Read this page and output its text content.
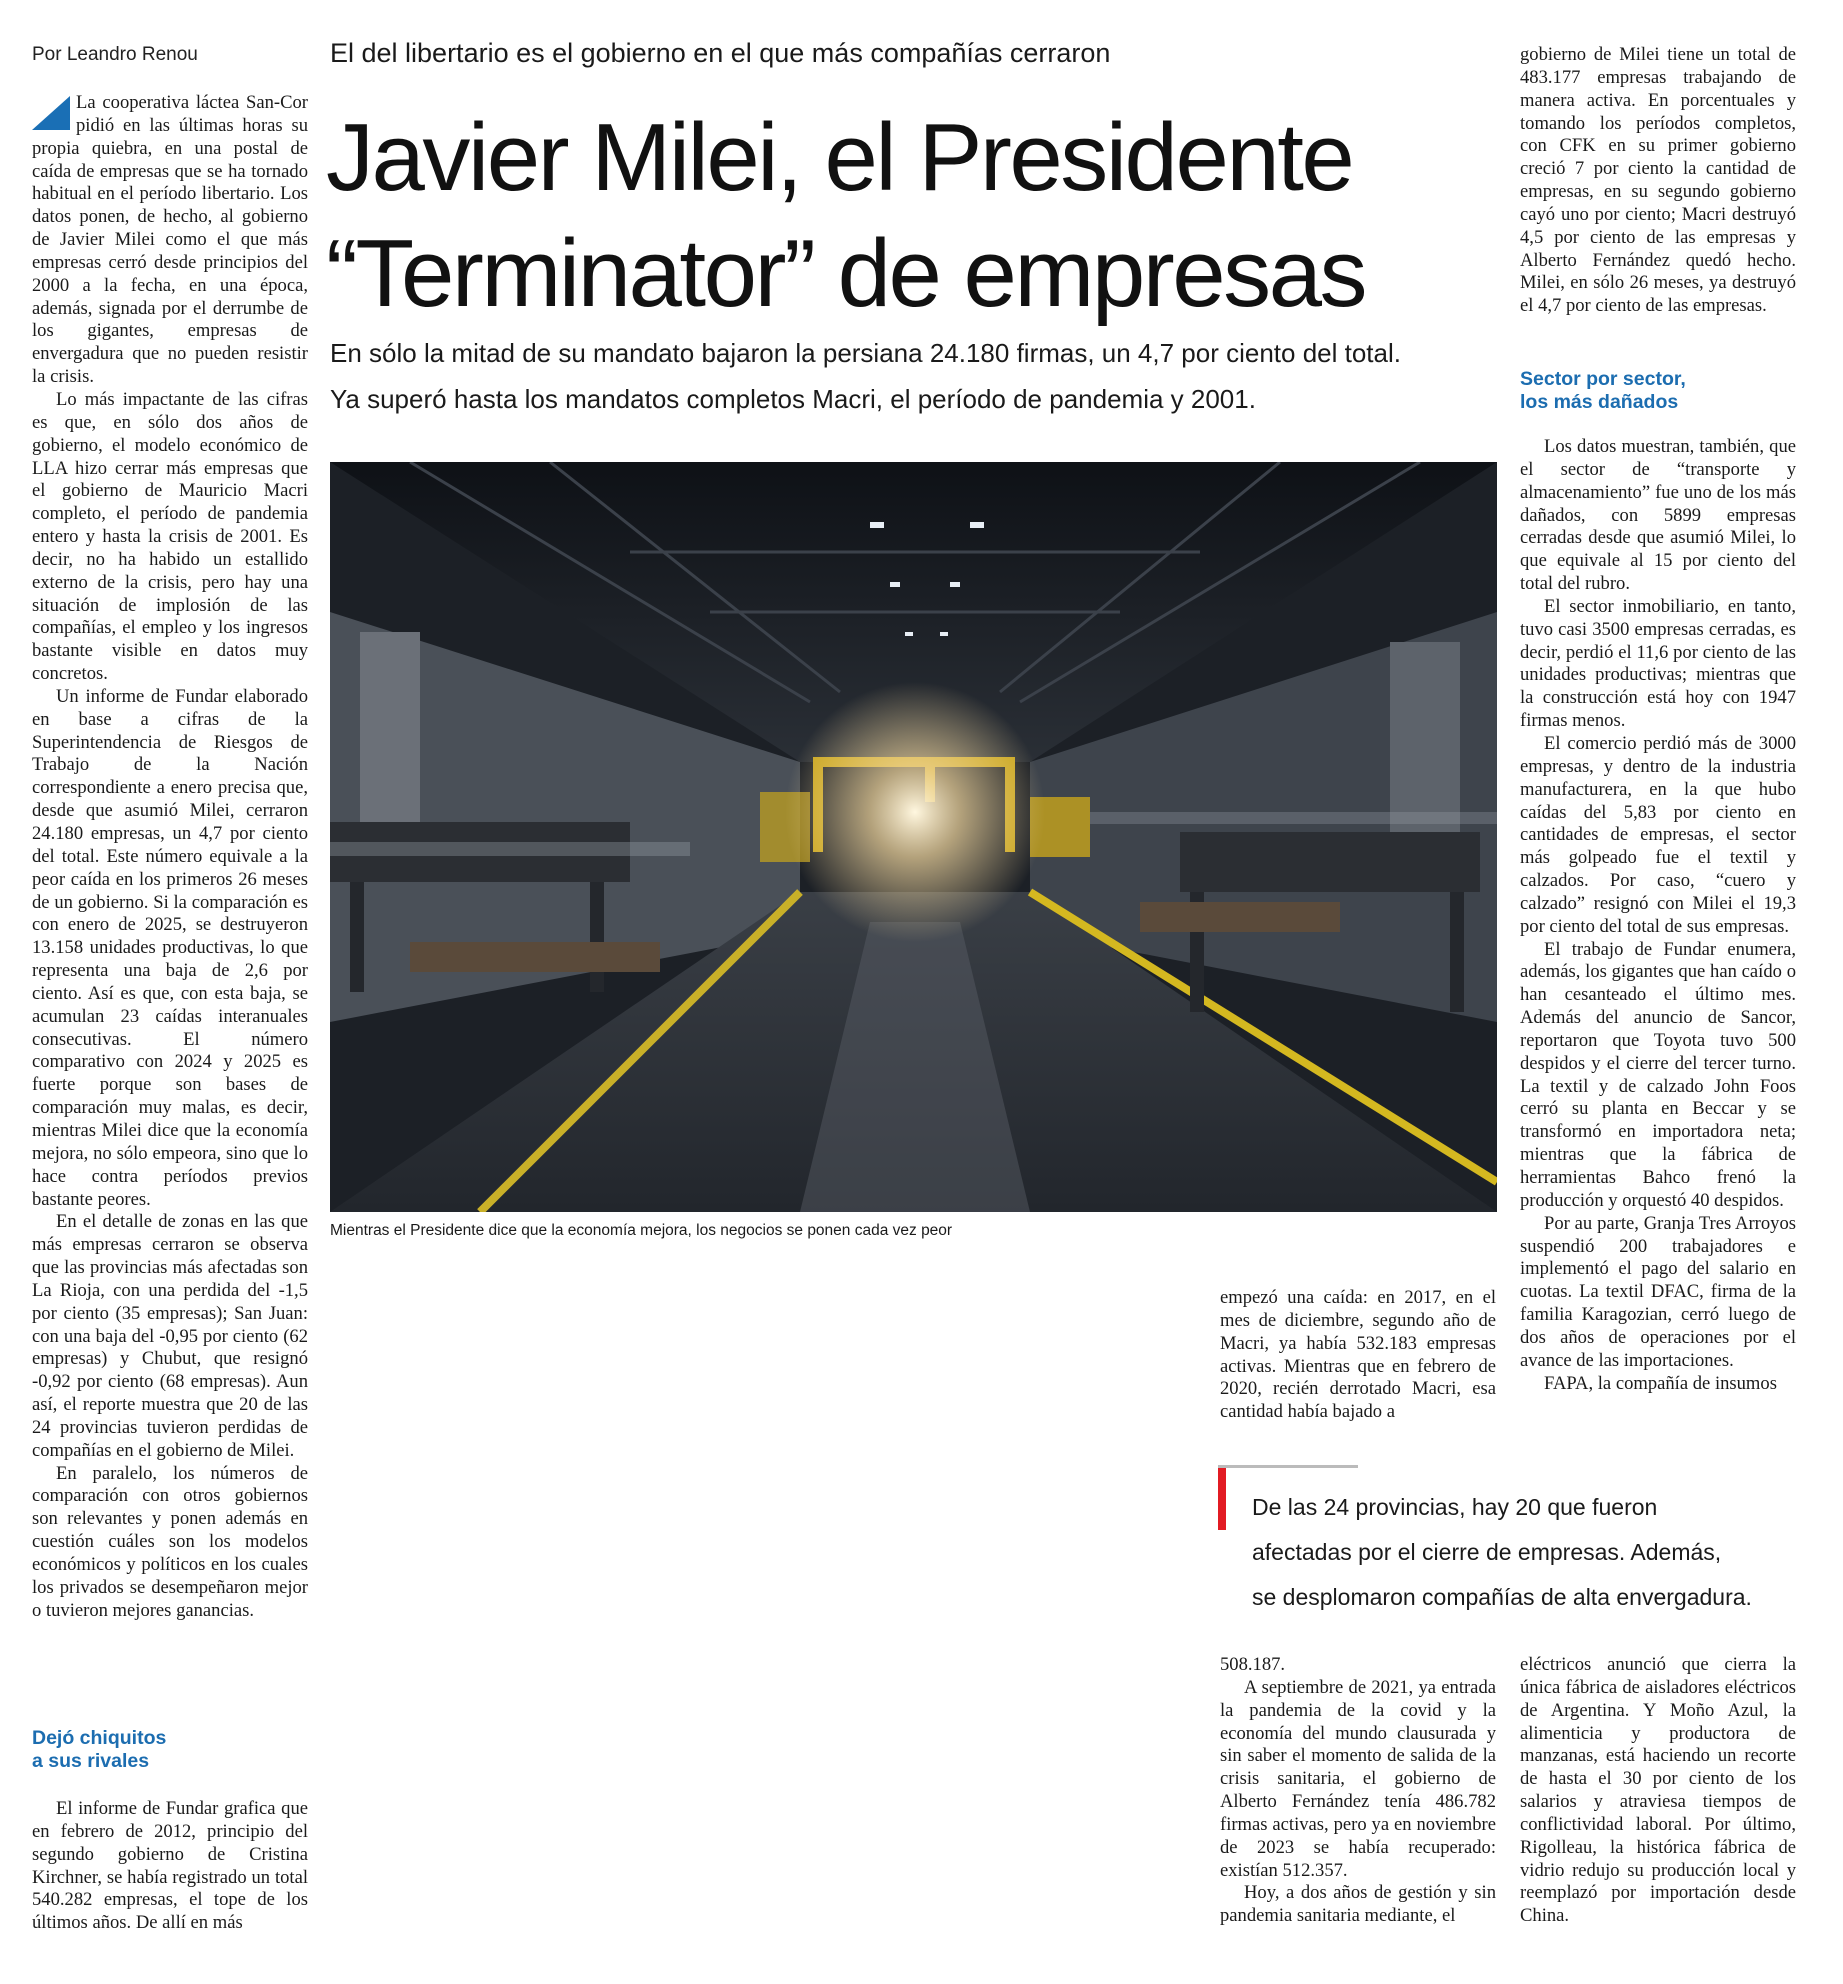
Por Leandro Renou	El del libertario es el gobierno en el que más compañías cerraron
Javier Milei, el Presidente
“Terminator” de empresas
En sólo la mitad de su mandato bajaron la persiana 24.180 firmas, un 4,7 por ciento del total.
Ya superó hasta los mandatos completos Macri, el período de pandemia y 2001.

La cooperativa láctea San-Cor pidió en las últimas horas su propia quiebra, en una postal de caída de empresas que se ha tornado habitual en el período libertario. Los datos ponen, de hecho, al gobierno de Javier Milei como el que más empresas cerró desde principios del 2000 a la fecha, en una época, además, signada por el derrumbe de los gigantes, empresas de envergadura que no pueden resistir la crisis.

Lo más impactante de las cifras es que, en sólo dos años de gobierno, el modelo económico de LLA hizo cerrar más empresas que el gobierno de Mauricio Macri completo, el período de pandemia entero y hasta la crisis de 2001. Es decir, no ha habido un estallido externo de la crisis, pero hay una situación de implosión de las compañías, el empleo y los ingresos bastante visible en datos muy concretos.

Un informe de Fundar elaborado en base a cifras de la Superintendencia de Riesgos de Trabajo de la Nación correspondiente a enero precisa que, desde que asumió Milei, cerraron 24.180 empresas, un 4,7 por ciento del total. Este número equivale a la peor caída en los primeros 26 meses de un gobierno. Si la comparación es con enero de 2025, se destruyeron 13.158 unidades productivas, lo que representa una baja de 2,6 por ciento. Así es que, con esta baja, se acumulan 23 caídas interanuales consecutivas. El número comparativo con 2024 y 2025 es fuerte porque son bases de comparación muy malas, es decir, mientras Milei dice que la economía mejora, no sólo empeora, sino que lo hace contra períodos previos bastante peores.

En el detalle de zonas en las que más empresas cerraron se observa que las provincias más afectadas son La Rioja, con una perdida del -1,5 por ciento (35 empresas); San Juan: con una baja del -0,95 por ciento (62 empresas) y Chubut, que resignó -0,92 por ciento (68 empresas). Aun así, el reporte muestra que 20 de las 24 provincias tuvieron perdidas de compañías en el gobierno de Milei.

En paralelo, los números de comparación con otros gobiernos son relevantes y ponen además en cuestión cuáles son los modelos económicos y políticos en los cuales los privados se desempeñaron mejor o tuvieron mejores ganancias.

Dejó chiquitos
a sus rivales

El informe de Fundar grafica que en febrero de 2012, principio del segundo gobierno de Cristina Kirchner, se había registrado un total 540.282 empresas, el tope de los últimos años. De allí en más

Mientras el Presidente dice que la economía mejora, los negocios se ponen cada vez peor

gobierno de Milei tiene un total de 483.177 empresas trabajando de manera activa. En porcentuales y tomando los períodos completos, con CFK en su primer gobierno creció 7 por ciento la cantidad de empresas, en su segundo gobierno cayó uno por ciento; Macri destruyó 4,5 por ciento de las empresas y Alberto Fernández quedó hecho. Milei, en sólo 26 meses, ya destruyó el 4,7 por ciento de las empresas.

Sector por sector,
los más dañados

Los datos muestran, también, que el sector de “transporte y almacenamiento” fue uno de los más dañados, con 5899 empresas cerradas desde que asumió Milei, lo que equivale al 15 por ciento del total del rubro.

El sector inmobiliario, en tanto, tuvo casi 3500 empresas cerradas, es decir, perdió el 11,6 por ciento de las unidades productivas; mientras que la construcción está hoy con 1947 firmas menos.

El comercio perdió más de 3000 empresas, y dentro de la industria manufacturera, en la que hubo caídas del 5,83 por ciento en cantidades de empresas, el sector más golpeado fue el textil y calzados. Por caso, “cuero y calzado” resignó con Milei el 19,3 por ciento del total de sus empresas.

El trabajo de Fundar enumera, además, los gigantes que han caído o han cesanteado el último mes. Además del anuncio de Sancor, reportaron que Toyota tuvo 500 despidos y el cierre del tercer turno. La textil y de calzado John Foos cerró su planta en Beccar y se transformó en importadora neta; mientras que la fábrica de herramientas Bahco frenó la producción y orquestó 40 despidos.

Por au parte, Granja Tres Arroyos suspendió 200 trabajadores e implementó el pago del salario en cuotas. La textil DFAC, firma de la familia Karagozian, cerró luego de dos años de operaciones por el avance de las importaciones.

FAPA, la compañía de insumos

empezó una caída: en 2017, en el mes de diciembre, segundo año de Macri, ya había 532.183 empresas activas. Mientras que en febrero de 2020, recién derrotado Macri, esa cantidad había bajado a

De las 24 provincias, hay 20 que fueron
afectadas por el cierre de empresas. Además,
se desplomaron compañías de alta envergadura.

508.187.

A septiembre de 2021, ya entrada la pandemia de la covid y la economía del mundo clausurada y sin saber el momento de salida de la crisis sanitaria, el gobierno de Alberto Fernández tenía 486.782 firmas activas, pero ya en noviembre de 2023 se había recuperado: existían 512.357.

Hoy, a dos años de gestión y sin pandemia sanitaria mediante, el

eléctricos anunció que cierra la única fábrica de aisladores eléctricos de Argentina. Y Moño Azul, la alimenticia y productora de manzanas, está haciendo un recorte de hasta el 30 por ciento de los salarios y atraviesa tiempos de conflictividad laboral. Por último, Rigolleau, la histórica fábrica de vidrio redujo su producción local y reemplazó por importación desde China.
